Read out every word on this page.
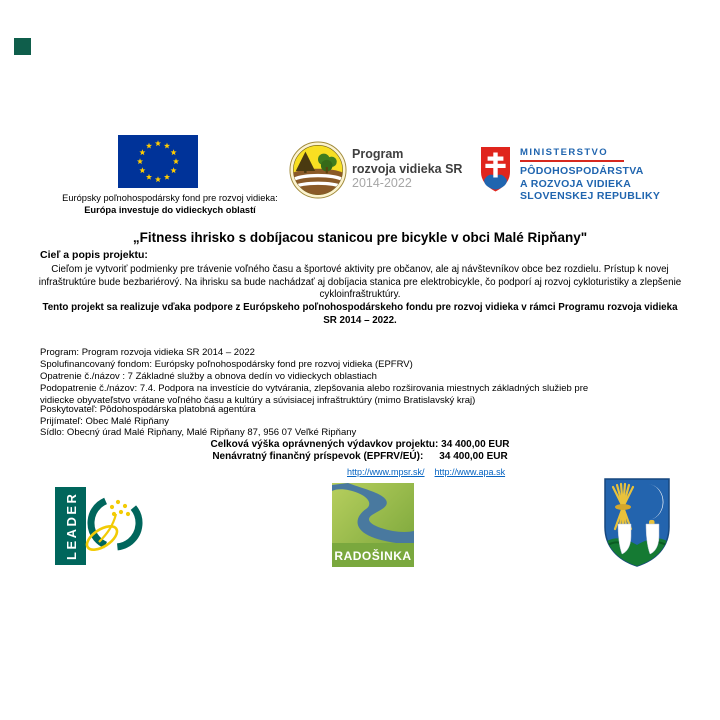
Európsky poľnohospodársky fond pre rozvoj vidieka:
Európa investuje do vidieckych oblastí
Program
rozvoja vidieka SR
2014-2022
MINISTERSTVO
PÔDOHOSPODÁRSTVA
A ROZVOJA VIDIEKA
SLOVENSKEJ REPUBLIKY
„Fitness ihrisko s dobíjacou stanicou pre bicykle v obci Malé Ripňany"
Cieľ a popis projektu:
Cieľom je vytvoriť podmienky pre trávenie voľného času a športové aktivity pre občanov, ale aj návštevníkov obce bez rozdielu. Prístup k novej infraštruktúre bude bezbariérový. Na ihrisku sa bude nachádzať aj dobíjacia stanica pre elektrobicykle, čo podporí aj rozvoj cykloturistiky a zlepšenie cykloinfraštruktúry.
Tento projekt sa realizuje vďaka podpore z Európskeho poľnohospodárskeho fondu pre rozvoj vidieka v rámci Programu rozvoja vidieka SR 2014 – 2022.
Program: Program rozvoja vidieka SR 2014 – 2022
Spolufinancovaný fondom: Európsky poľnohospodársky fond pre rozvoj vidieka (EPFRV)
Opatrenie č./názov : 7 Základné služby a obnova dedín vo vidieckych oblastiach
Podopatrenie č./názov: 7.4. Podpora na investície do vytvárania, zlepšovania alebo rozširovania miestnych základných služieb pre vidiecke obyvateľstvo vrátane voľného času a kultúry a súvisiacej infraštruktúry (mimo Bratislavský kraj)
Poskytovateľ: Pôdohospodárska platobná agentúra
Prijímateľ: Obec Malé Ripňany
Sídlo: Obecný úrad Malé Ripňany, Malé Ripňany 87, 956 07 Veľké Ripňany
Celková výška oprávnených výdavkov projektu: 34 400,00 EUR
Nenávratný finančný príspevok (EPFRV/EÚ): 34 400,00 EUR
http://www.mpsr.sk/ http://www.apa.sk
LEADER	RADOŠINKA
